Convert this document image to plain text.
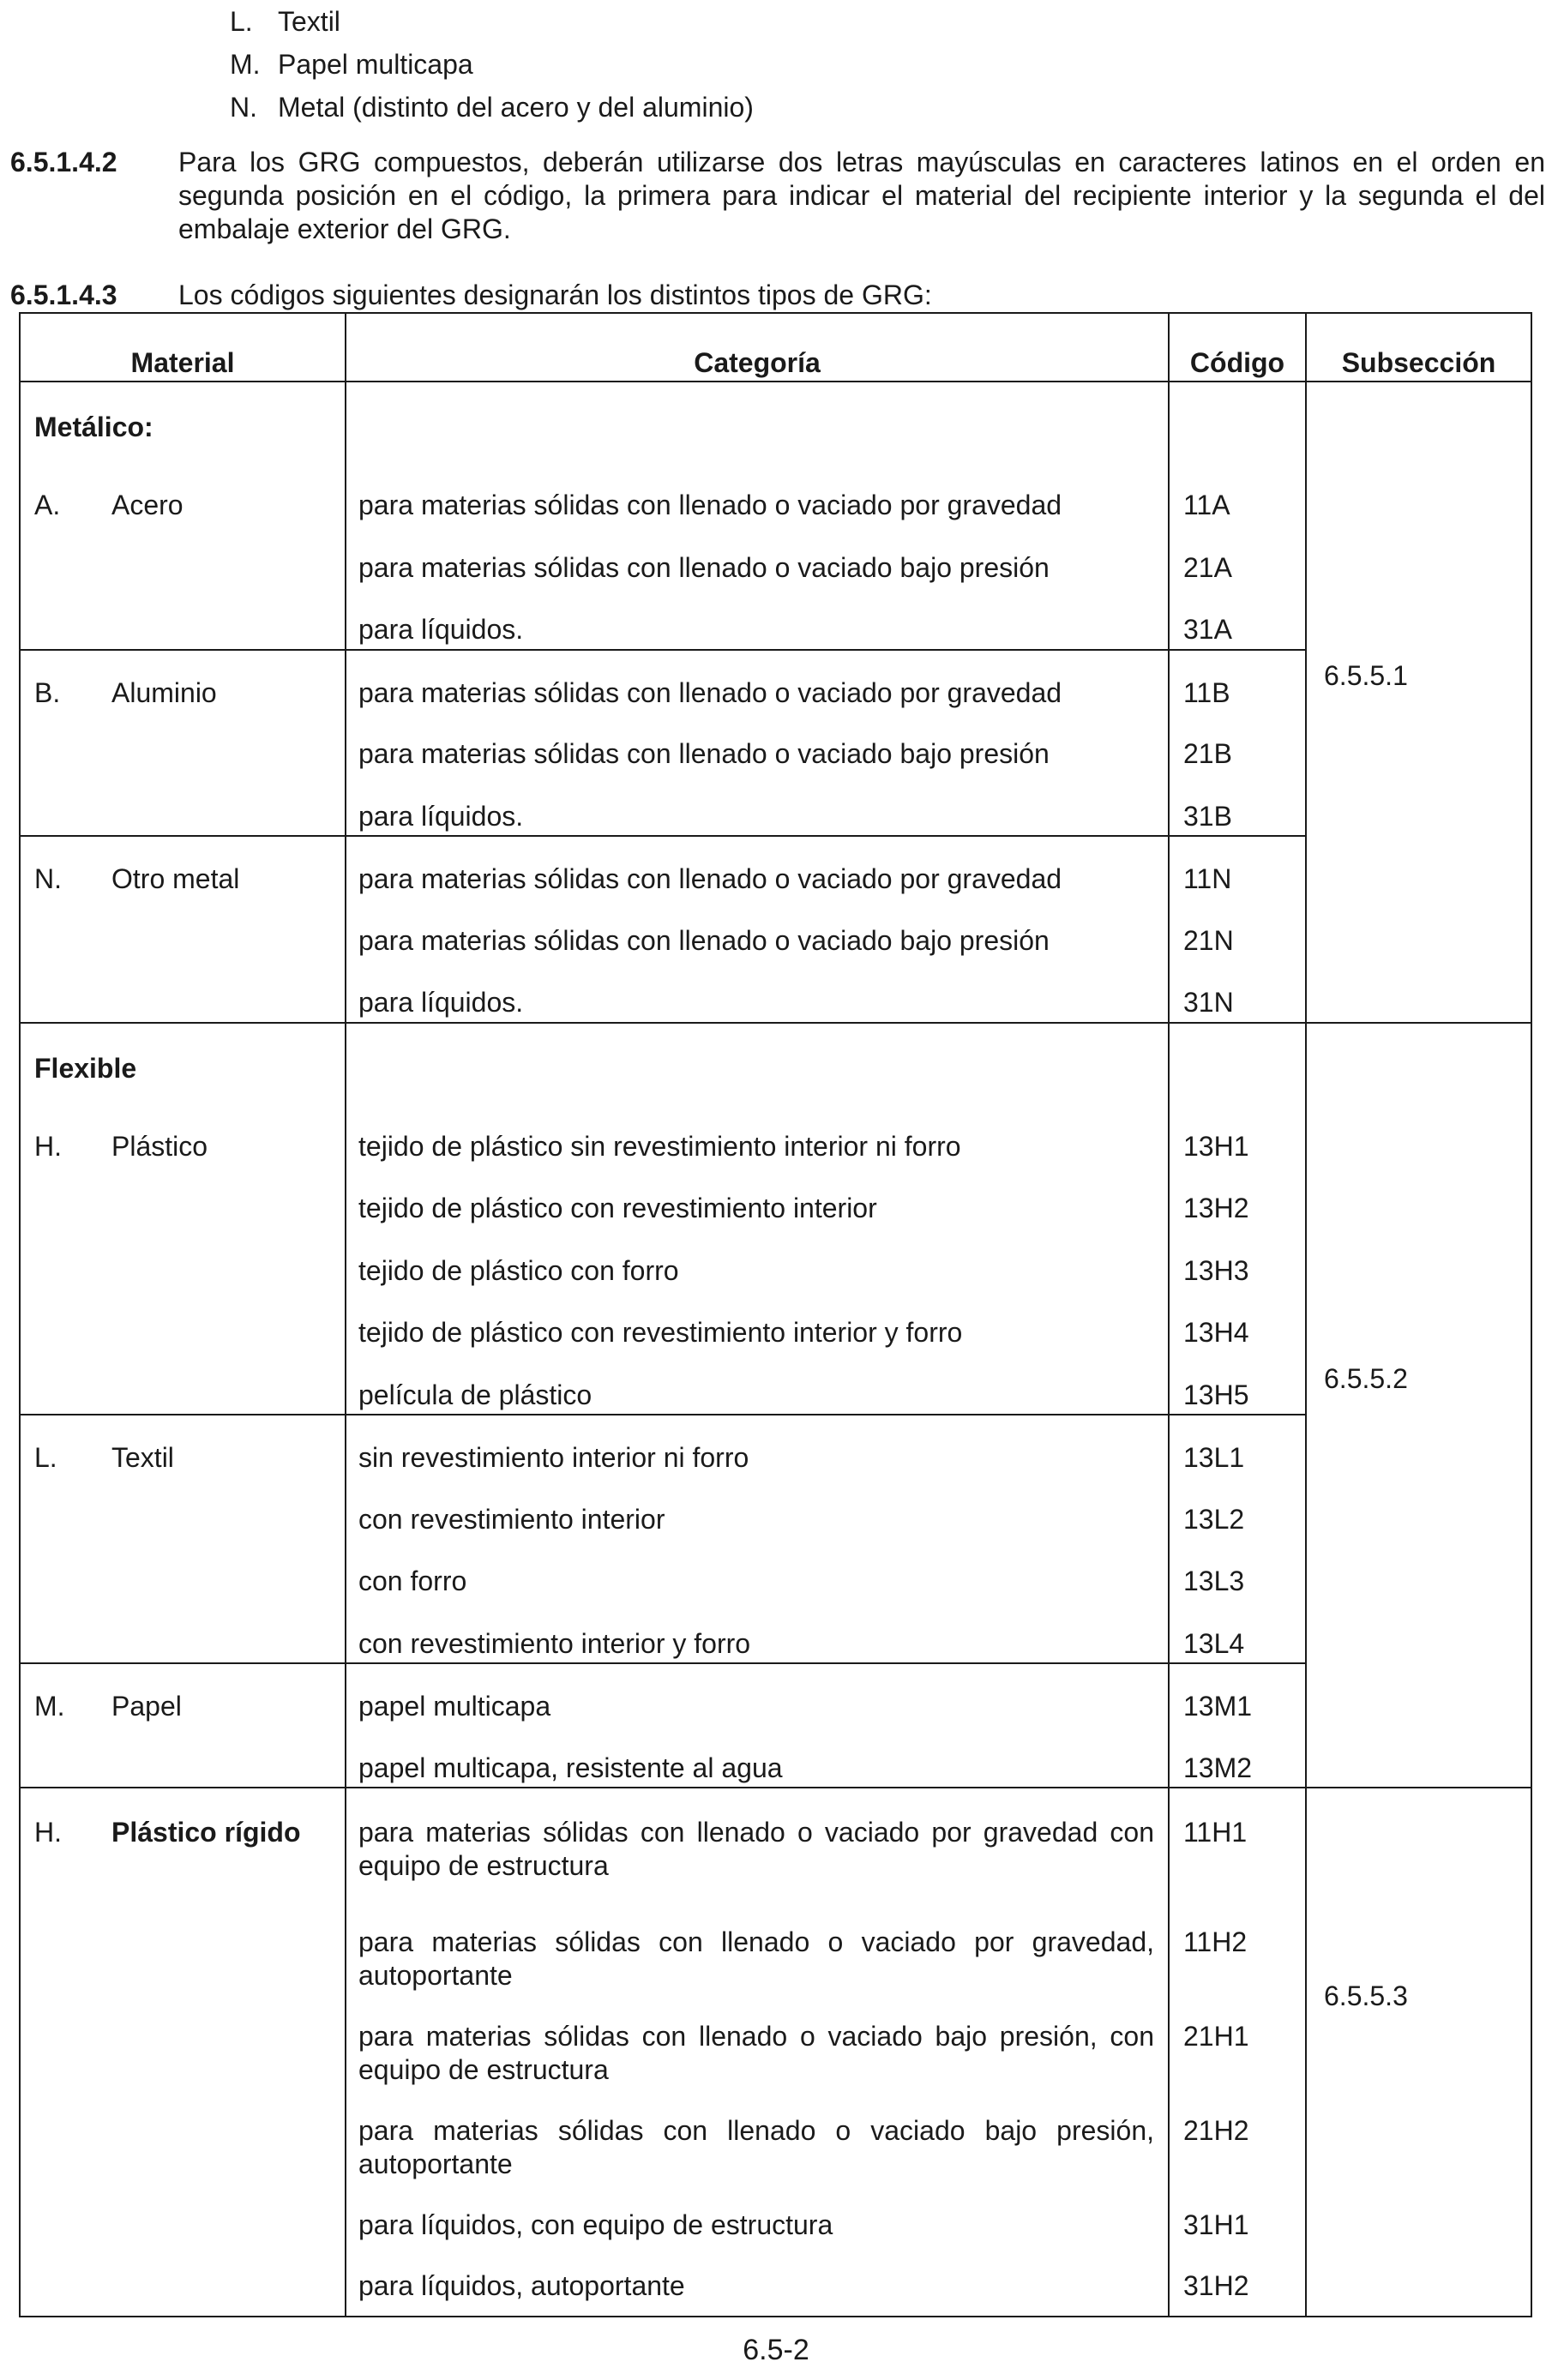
L. Textil
M. Papel multicapa
N. Metal (distinto del acero y del aluminio)
6.5.1.4.2 Para los GRG compuestos, deberán utilizarse dos letras mayúsculas en caracteres latinos en el orden en segunda posición en el código, la primera para indicar el material del recipiente interior y la segunda el del embalaje exterior del GRG.
6.5.1.4.3 Los códigos siguientes designarán los distintos tipos de GRG:
Material	Categoría	Código	Subsección
Metálico:			6.5.5.1
A. Acero	para materias sólidas con llenado o vaciado por gravedad	11A	
	para materias sólidas con llenado o vaciado bajo presión	21A	
	para líquidos.	31A	
B. Aluminio	para materias sólidas con llenado o vaciado por gravedad	11B	
	para materias sólidas con llenado o vaciado bajo presión	21B	
	para líquidos.	31B	
N. Otro metal	para materias sólidas con llenado o vaciado por gravedad	11N	
	para materias sólidas con llenado o vaciado bajo presión	21N	
	para líquidos.	31N	
Flexible			6.5.5.2
H. Plástico	tejido de plástico sin revestimiento interior ni forro	13H1	
	tejido de plástico con revestimiento interior	13H2	
	tejido de plástico con forro	13H3	
	tejido de plástico con revestimiento interior y forro	13H4	
	película de plástico	13H5	
L. Textil	sin revestimiento interior ni forro	13L1	
	con revestimiento interior	13L2	
	con forro	13L3	
	con revestimiento interior y forro	13L4	
M. Papel	papel multicapa	13M1	
	papel multicapa, resistente al agua	13M2	
H. Plástico rígido	para materias sólidas con llenado o vaciado por gravedad con equipo de estructura	11H1	6.5.5.3
	para materias sólidas con llenado o vaciado por gravedad, autoportante	11H2	
	para materias sólidas con llenado o vaciado bajo presión, con equipo de estructura	21H1	
	para materias sólidas con llenado o vaciado bajo presión, autoportante	21H2	
	para líquidos, con equipo de estructura	31H1	
	para líquidos, autoportante	31H2	
6.5-2
